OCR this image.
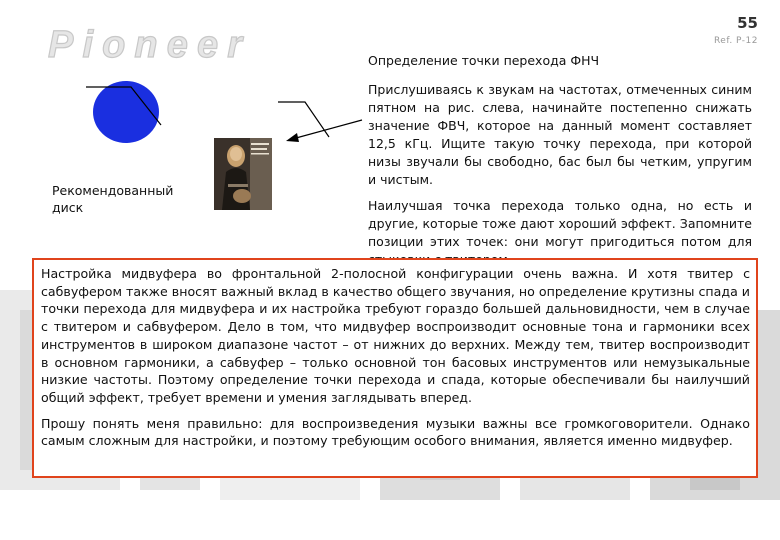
Pioneer
55
Ref. P-12
Рекомендованный диск

Определение точки перехода ФНЧ

Прислушиваясь к звукам на частотах, отмеченных синим пятном на рис. слева, начинайте постепенно снижать значение ФВЧ, которое на данный момент составляет 12,5 кГц. Ищите такую точку перехода, при которой низы звучали бы свободно, бас был бы четким, упругим и чистым.

Наилучшая точка перехода только одна, но есть и другие, которые тоже дают хороший эффект. Запомните позиции этих точек: они могут пригодиться потом для

Настройка мидвуфера во фронтальной 2-полосной конфигурации очень важна. И хотя твитер с сабвуфером также вносят важный вклад в качество общего звучания, но определение крутизны спада и точки перехода для мидвуфера и их настройка требуют гораздо большей дальновидности, чем в случае с твитером и сабвуфером. Дело в том, что мидвуфер воспроизводит основные тона и гармоники всех инструментов в широком диапазоне частот – от нижних до верхних. Между тем, твитер воспроизводит в основном гармоники, а сабвуфер – только основной тон басовых инструментов или немузыкальные низкие частоты. Поэтому определение точки перехода и спада, которые обеспечивали бы наилучший общий эффект, требует времени и умения заглядывать вперед.

Прошу понять меня правильно: для воспроизведения музыки важны все громкоговорители. Однако самым сложным для настройки, и поэтому требующим особого внимания, является именно мидвуфер.
